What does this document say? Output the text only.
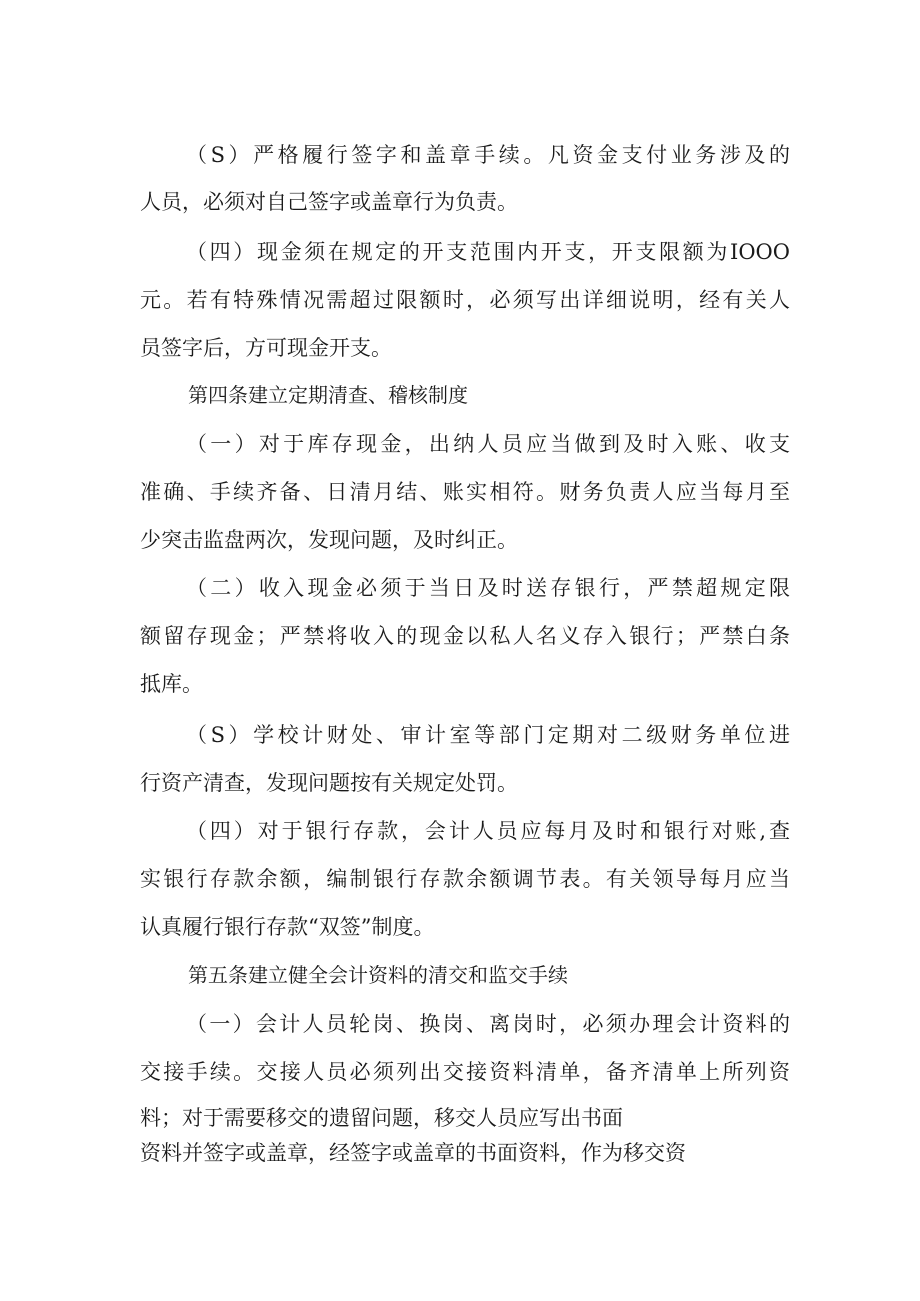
（S）严格履行签字和盖章手续。凡资金支付业务涉及的
人员，必须对自己签字或盖章行为负责。
（四）现金须在规定的开支范围内开支，开支限额为IOOO
元。若有特殊情况需超过限额时，必须写出详细说明，经有关人
员签字后，方可现金开支。
第四条建立定期清查、稽核制度
（一）对于库存现金，出纳人员应当做到及时入账、收支
准确、手续齐备、日清月结、账实相符。财务负责人应当每月至
少突击监盘两次，发现问题，及时纠正。
（二）收入现金必须于当日及时送存银行，严禁超规定限
额留存现金；严禁将收入的现金以私人名义存入银行；严禁白条
抵库。
（S）学校计财处、审计室等部门定期对二级财务单位进
行资产清查，发现问题按有关规定处罚。
（四）对于银行存款，会计人员应每月及时和银行对账,查
实银行存款余额，编制银行存款余额调节表。有关领导每月应当
认真履行银行存款“双签”制度。
第五条建立健全会计资料的清交和监交手续
（一）会计人员轮岗、换岗、离岗时，必须办理会计资料的
交接手续。交接人员必须列出交接资料清单，备齐清单上所列资
料；对于需要移交的遗留问题，移交人员应写出书面
资料并签字或盖章，经签字或盖章的书面资料，作为移交资
